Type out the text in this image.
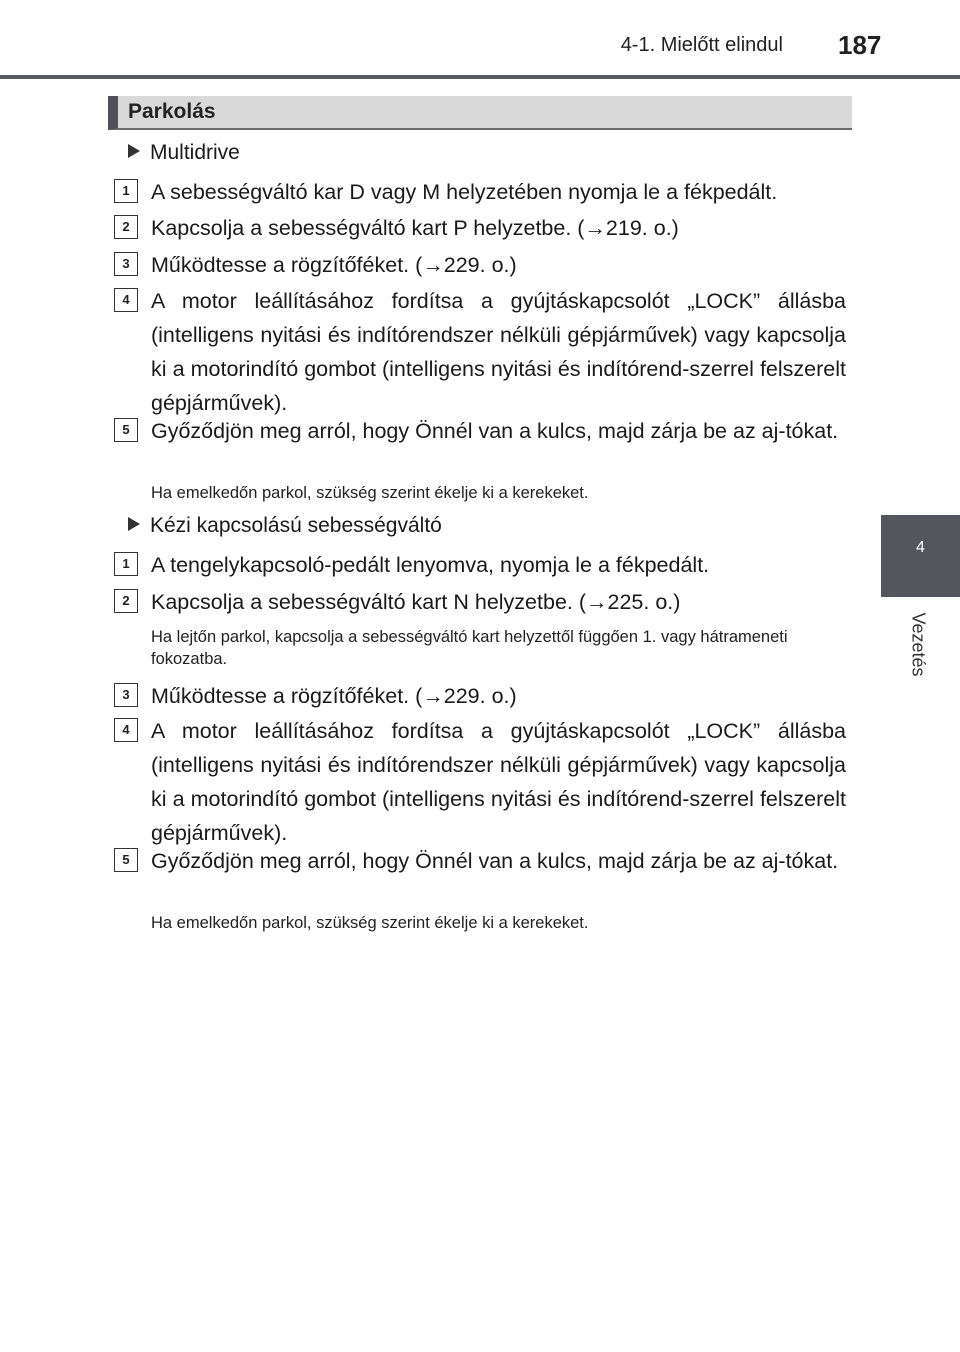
4-1. Mielőtt elindul 187
4
Vezetés
Parkolás
Multidrive
1 A sebességváltó kar D vagy M helyzetében nyomja le a fékpedált.
2 Kapcsolja a sebességváltó kart P helyzetbe. (→219. o.)
3 Működtesse a rögzítőféket. (→229. o.)
4 A motor leállításához fordítsa a gyújtáskapcsolót „LOCK” állásba (intelligens nyitási és indítórendszer nélküli gépjárművek) vagy kapcsolja ki a motorindító gombot (intelligens nyitási és indítórend-szerrel felszerelt gépjárművek).
5 Győződjön meg arról, hogy Önnél van a kulcs, majd zárja be az aj-tókat.
Ha emelkedőn parkol, szükség szerint ékelje ki a kerekeket.
Kézi kapcsolású sebességváltó
1 A tengelykapcsoló-pedált lenyomva, nyomja le a fékpedált.
2 Kapcsolja a sebességváltó kart N helyzetbe. (→225. o.)
Ha lejtőn parkol, kapcsolja a sebességváltó kart helyzettől függően 1. vagy hátrameneti fokozatba.
3 Működtesse a rögzítőféket. (→229. o.)
4 A motor leállításához fordítsa a gyújtáskapcsolót „LOCK” állásba (intelligens nyitási és indítórendszer nélküli gépjárművek) vagy kapcsolja ki a motorindító gombot (intelligens nyitási és indítórend-szerrel felszerelt gépjárművek).
5 Győződjön meg arról, hogy Önnél van a kulcs, majd zárja be az aj-tókat.
Ha emelkedőn parkol, szükség szerint ékelje ki a kerekeket.
